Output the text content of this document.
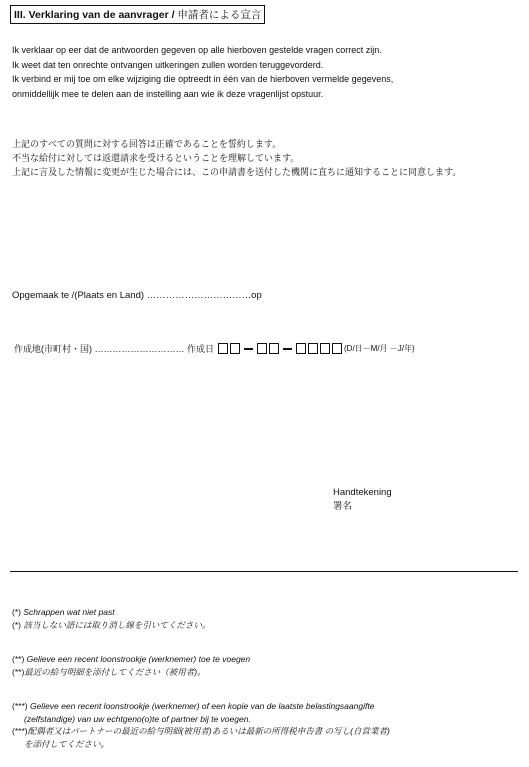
III. Verklaring van de aanvrager / 申請者による宣言
Ik verklaar op eer dat de antwoorden gegeven op alle hierboven gestelde vragen correct zijn.
Ik weet dat ten onrechte ontvangen uitkeringen zullen worden teruggevorderd.
Ik verbind er mij toe om elke wijziging die optreedt in één van de hierboven vermelde gegevens,
onmiddellijk mee te delen aan de instelling aan wie ik deze vragenlijst opstuur.
上記のすべての質問に対する回答は正確であることを誓約します。
不当な給付に対しては返還請求を受けるということを理解しています。
上記に言及した情報に変更が生じた場合には、この申請書を送付した機関に直ちに通知することに同意します。
Opgemaak te /(Plaats en Land) ……………………………op
作成地(市町村・国) ………………………… 作成日	(D/日－M/月 －J/年)
Handtekening
署名
(*) Schrappen wat niet past
(*) 該当しない語には取り消し線を引いてください。
(**) Gelieve een recent loonstrookje (werknemer) toe te voegen
(**)最近の給与明細を添付してください（被用者)。
(***) Gelieve een recent loonstrookje (werknemer) of een kopie van de laatste belastingsaangifte
(zelfstandige) van uw echtgeno(o)te of partner bij te voegen.
(***)配偶者又はパートナーの最近の給与明細(被用者)あるいは最新の所得税申告書 の写し(自営業者)
を添付してください。
